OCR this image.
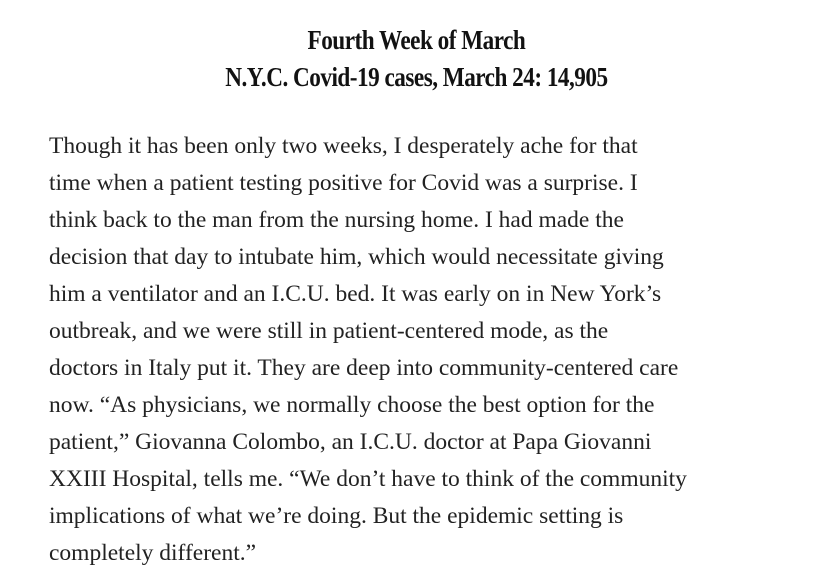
Fourth Week of March
N.Y.C. Covid-19 cases, March 24: 14,905

Though it has been only two weeks, I desperately ache for that
time when a patient testing positive for Covid was a surprise. I
think back to the man from the nursing home. I had made the
decision that day to intubate him, which would necessitate giving
him a ventilator and an I.C.U. bed. It was early on in New York’s
outbreak, and we were still in patient-centered mode, as the
doctors in Italy put it. They are deep into community-centered care
now. “As physicians, we normally choose the best option for the
patient,” Giovanna Colombo, an I.C.U. doctor at Papa Giovanni
XXIII Hospital, tells me. “We don’t have to think of the community
implications of what we’re doing. But the epidemic setting is
completely different.”
